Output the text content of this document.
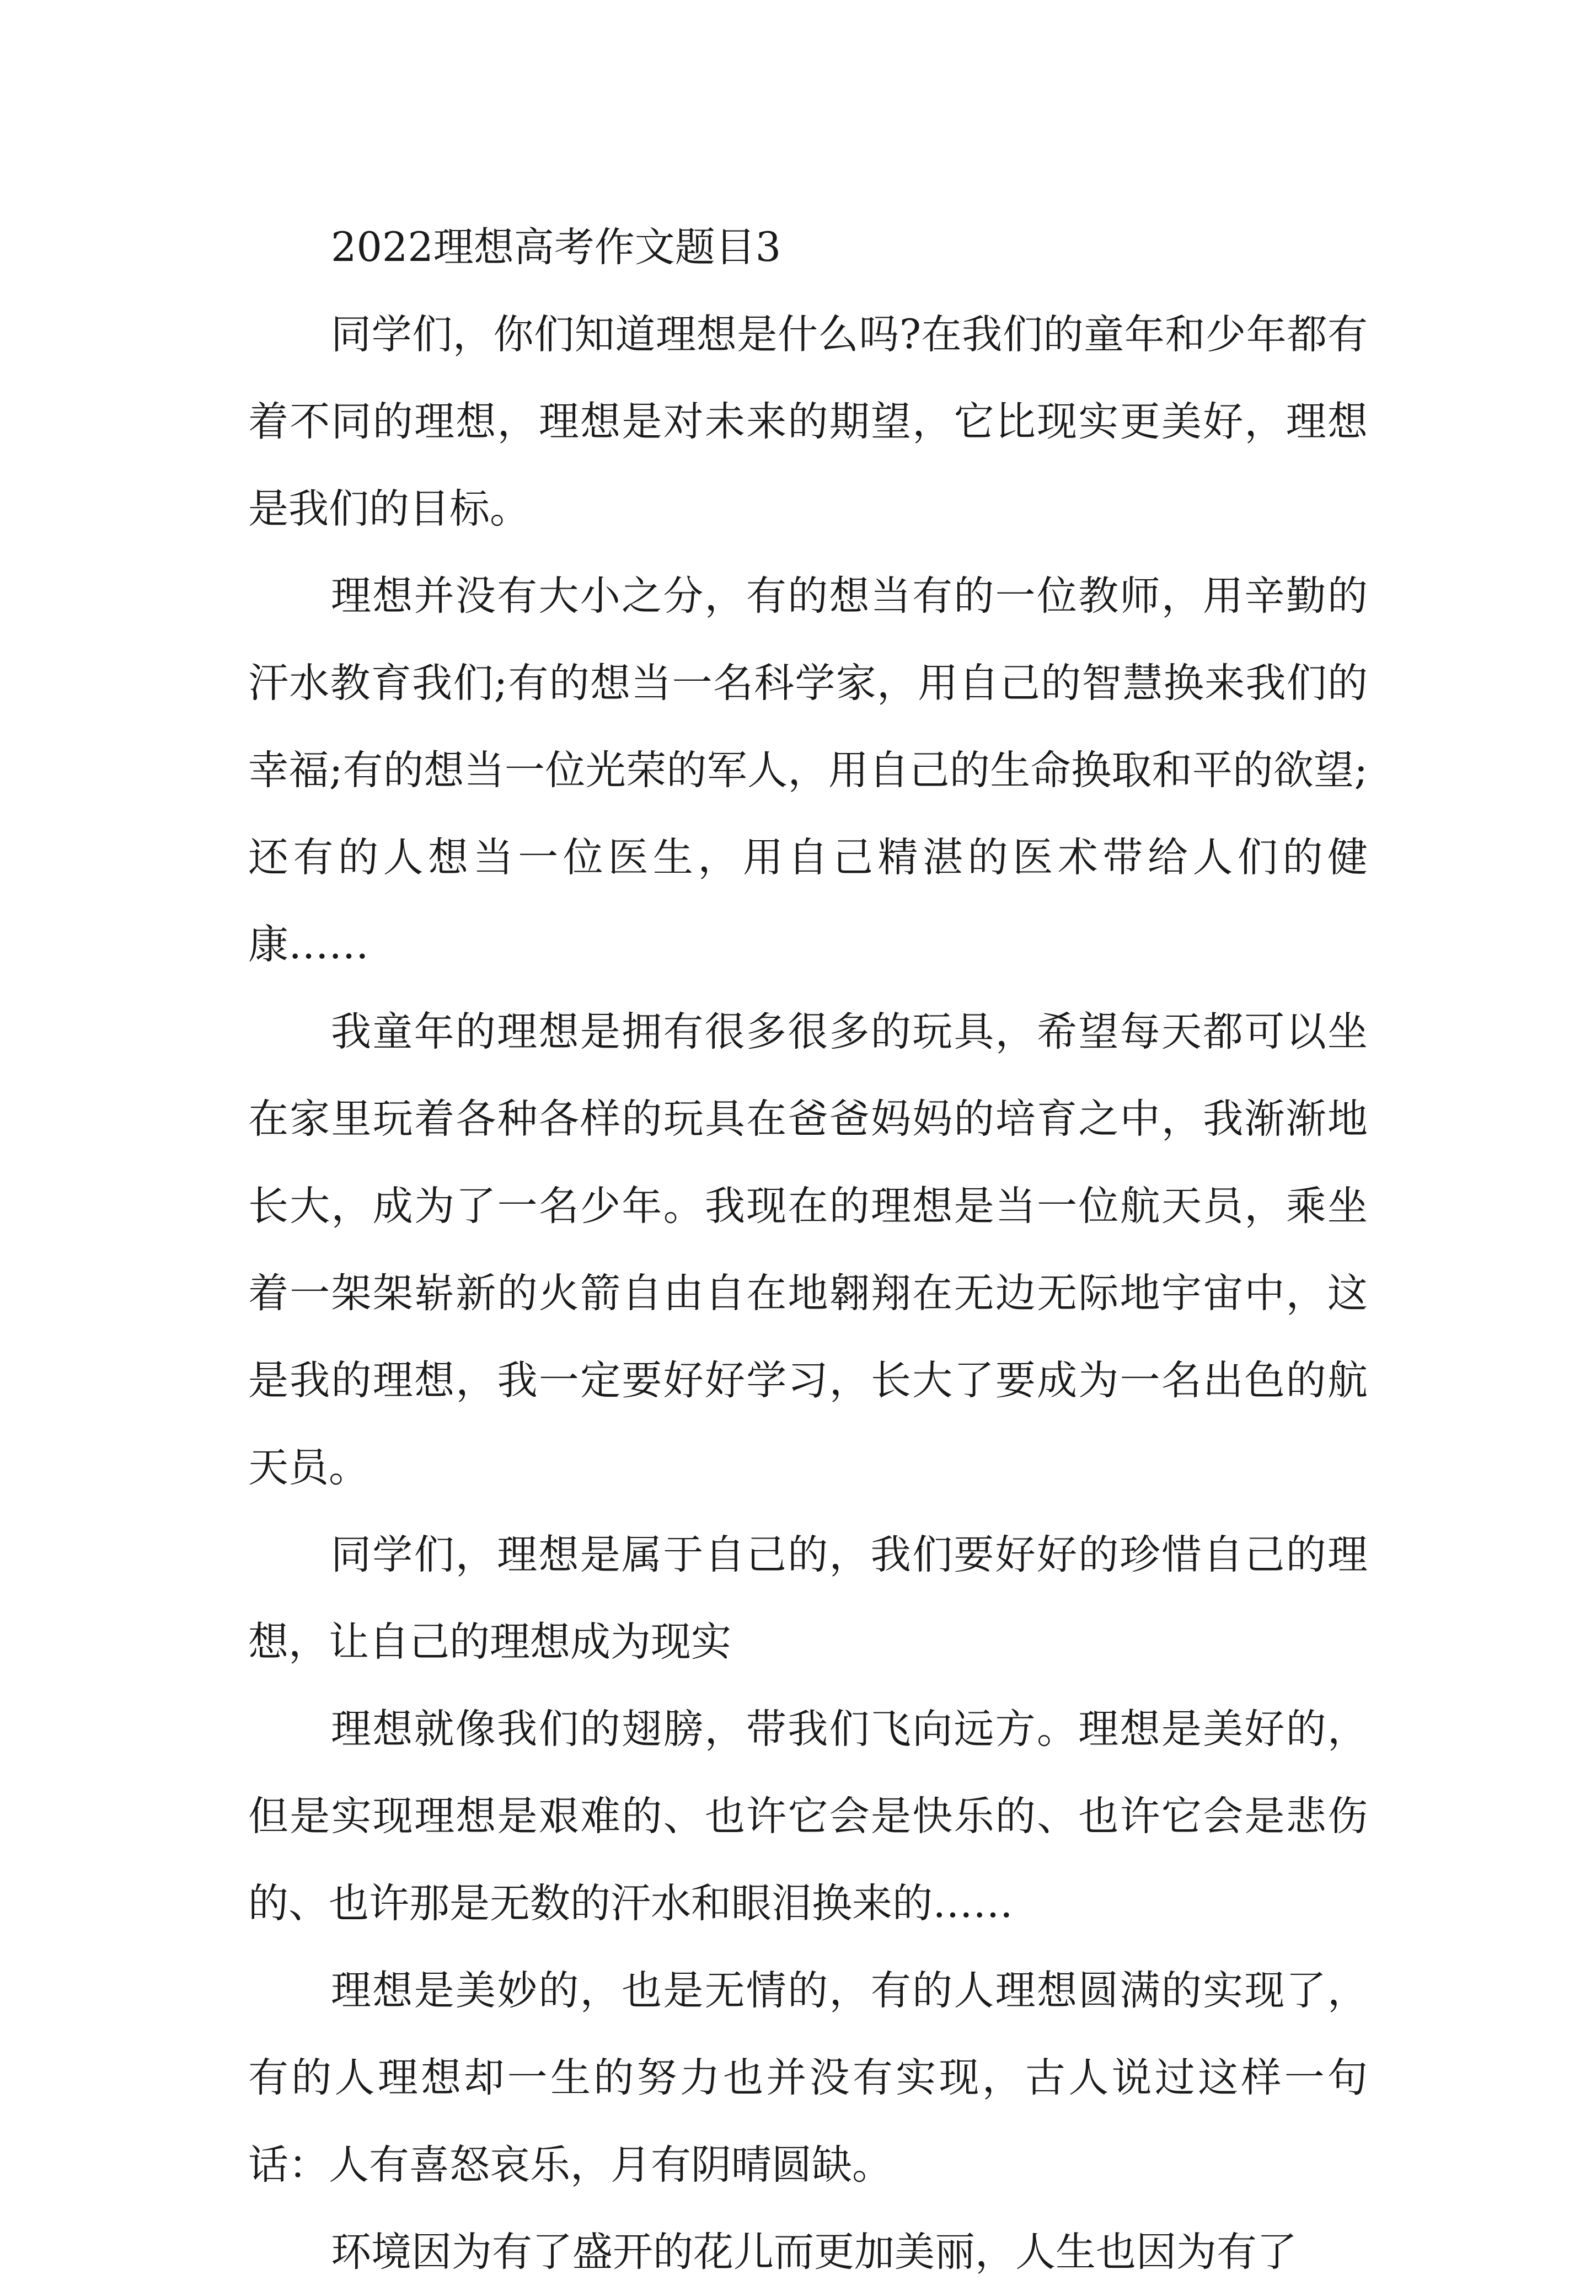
2022理想高考作文题目3

同学们，你们知道理想是什么吗?在我们的童年和少年都有着不同的理想，理想是对未来的期望，它比现实更美好，理想是我们的目标。

理想并没有大小之分，有的想当有的一位教师，用辛勤的汗水教育我们;有的想当一名科学家，用自己的智慧换来我们的幸福;有的想当一位光荣的军人，用自己的生命换取和平的欲望;还有的人想当一位医生，用自己精湛的医术带给人们的健康……

我童年的理想是拥有很多很多的玩具，希望每天都可以坐在家里玩着各种各样的玩具在爸爸妈妈的培育之中，我渐渐地长大，成为了一名少年。我现在的理想是当一位航天员，乘坐着一架架崭新的火箭自由自在地翱翔在无边无际地宇宙中，这是我的理想，我一定要好好学习，长大了要成为一名出色的航天员。

同学们，理想是属于自己的，我们要好好的珍惜自己的理想，让自己的理想成为现实

理想就像我们的翅膀，带我们飞向远方。理想是美好的，但是实现理想是艰难的、也许它会是快乐的、也许它会是悲伤的、也许那是无数的汗水和眼泪换来的……

理想是美妙的，也是无情的，有的人理想圆满的实现了，有的人理想却一生的努力也并没有实现，古人说过这样一句话：人有喜怒哀乐，月有阴晴圆缺。

环境因为有了盛开的花儿而更加美丽，人生也因为有了
